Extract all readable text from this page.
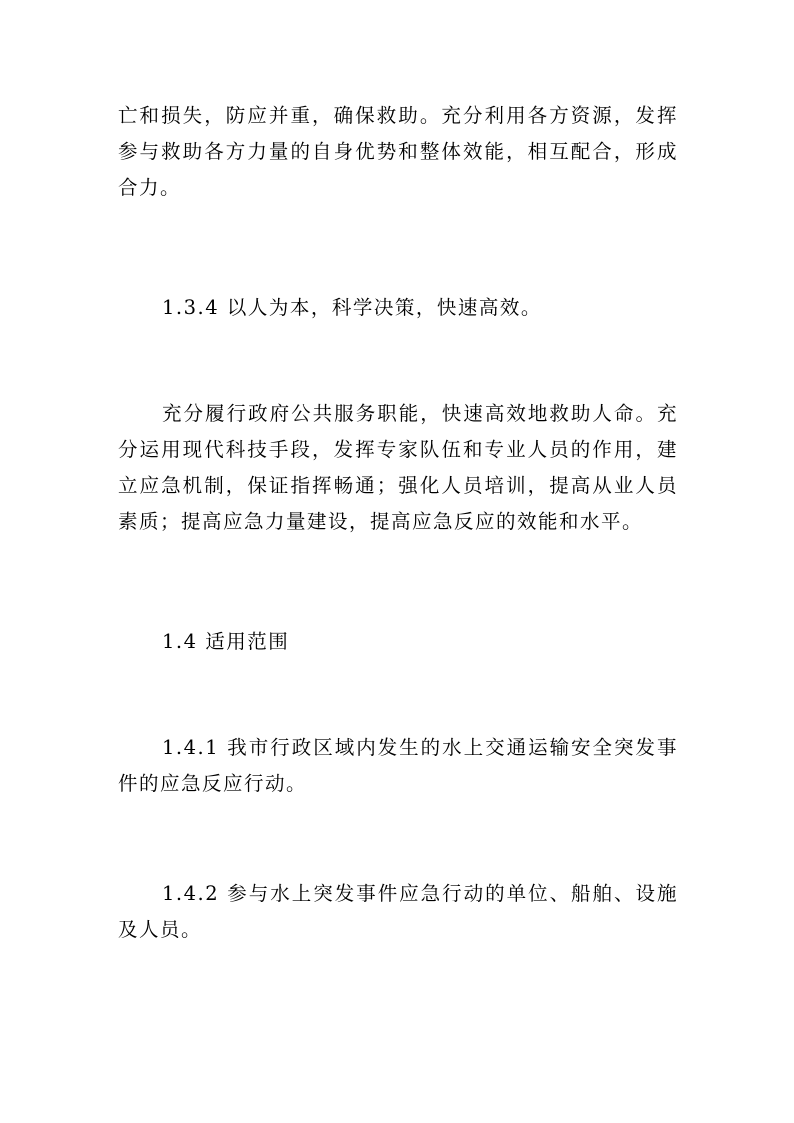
亡和损失，防应并重，确保救助。充分利用各方资源，发挥参与救助各方力量的自身优势和整体效能，相互配合，形成合力。

1.3.4 以人为本，科学决策，快速高效。

充分履行政府公共服务职能，快速高效地救助人命。充分运用现代科技手段，发挥专家队伍和专业人员的作用，建立应急机制，保证指挥畅通；强化人员培训，提高从业人员素质；提高应急力量建设，提高应急反应的效能和水平。

1.4 适用范围

1.4.1 我市行政区域内发生的水上交通运输安全突发事件的应急反应行动。

1.4.2 参与水上突发事件应急行动的单位、船舶、设施及人员。
